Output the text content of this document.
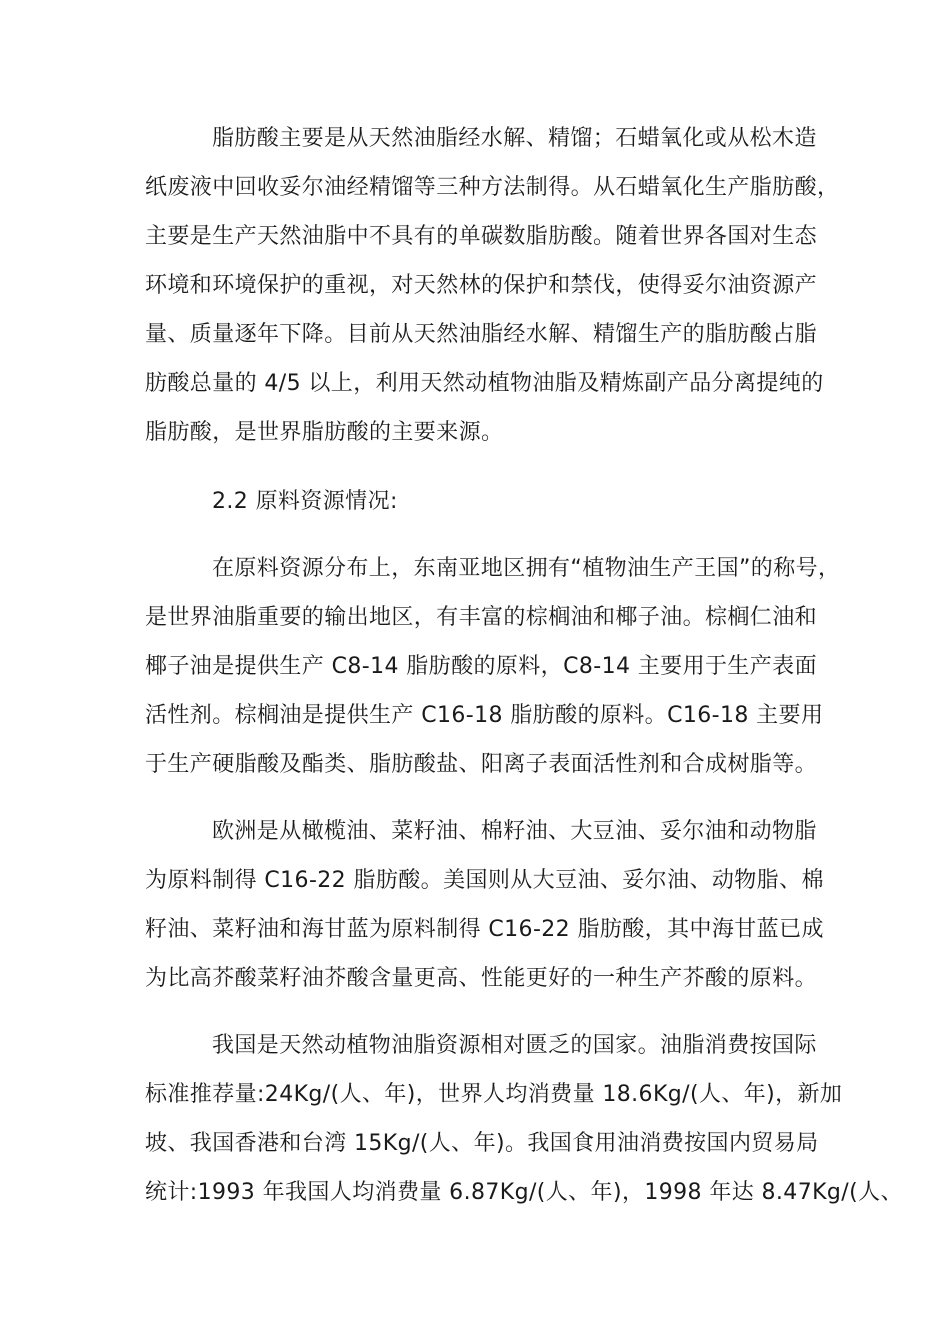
脂肪酸主要是从天然油脂经水解、精馏；石蜡氧化或从松木造
纸废液中回收妥尔油经精馏等三种方法制得。从石蜡氧化生产脂肪酸，
主要是生产天然油脂中不具有的单碳数脂肪酸。随着世界各国对生态
环境和环境保护的重视，对天然林的保护和禁伐，使得妥尔油资源产
量、质量逐年下降。目前从天然油脂经水解、精馏生产的脂肪酸占脂
肪酸总量的 4/5 以上，利用天然动植物油脂及精炼副产品分离提纯的
脂肪酸，是世界脂肪酸的主要来源。
2.2 原料资源情况:
在原料资源分布上，东南亚地区拥有“植物油生产王国”的称号，
是世界油脂重要的输出地区，有丰富的棕榈油和椰子油。棕榈仁油和
椰子油是提供生产 C8-14 脂肪酸的原料，C8-14 主要用于生产表面
活性剂。棕榈油是提供生产 C16-18 脂肪酸的原料。C16-18 主要用
于生产硬脂酸及酯类、脂肪酸盐、阳离子表面活性剂和合成树脂等。
欧洲是从橄榄油、菜籽油、棉籽油、大豆油、妥尔油和动物脂
为原料制得 C16-22 脂肪酸。美国则从大豆油、妥尔油、动物脂、棉
籽油、菜籽油和海甘蓝为原料制得 C16-22 脂肪酸，其中海甘蓝已成
为比高芥酸菜籽油芥酸含量更高、性能更好的一种生产芥酸的原料。
我国是天然动植物油脂资源相对匮乏的国家。油脂消费按国际
标准推荐量:24Kg/(人、年)，世界人均消费量 18.6Kg/(人、年)，新加
坡、我国香港和台湾 15Kg/(人、年)。我国食用油消费按国内贸易局
统计:1993 年我国人均消费量 6.87Kg/(人、年)，1998 年达 8.47Kg/(人、
